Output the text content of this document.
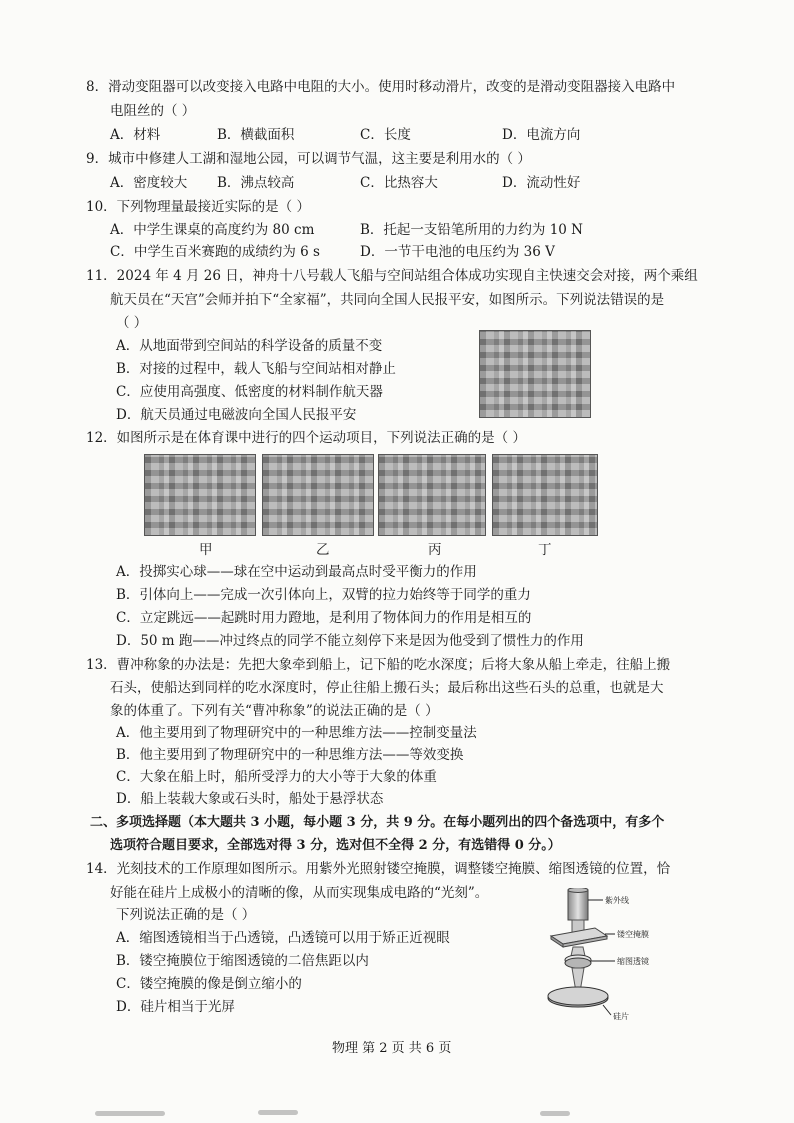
8．滑动变阻器可以改变接入电路中电阻的大小。使用时移动滑片，改变的是滑动变阻器接入电路中
电阻丝的（ ）
A．材料	B．横截面积	C．长度	D．电流方向
9．城市中修建人工湖和湿地公园，可以调节气温，这主要是利用水的（ ）
A．密度较大 B．沸点较高	C．比热容大	D．流动性好
10．下列物理量最接近实际的是（ ）
A．中学生课桌的高度约为 80 cm	B．托起一支铅笔所用的力约为 10 N
C．中学生百米赛跑的成绩约为 6 s	D．一节干电池的电压约为 36 V
11．2024 年 4 月 26 日，神舟十八号载人飞船与空间站组合体成功实现自主快速交会对接，两个乘组
航天员在“天宫”会师并拍下“全家福”，共同向全国人民报平安，如图所示。下列说法错误的是
（ ）
A．从地面带到空间站的科学设备的质量不变
B．对接的过程中，载人飞船与空间站相对静止
C．应使用高强度、低密度的材料制作航天器
D．航天员通过电磁波向全国人民报平安
12．如图所示是在体育课中进行的四个运动项目，下列说法正确的是（ ）
甲	乙	丙	丁
A．投掷实心球——球在空中运动到最高点时受平衡力的作用
B．引体向上——完成一次引体向上，双臂的拉力始终等于同学的重力
C．立定跳远——起跳时用力蹬地，是利用了物体间力的作用是相互的
D．50 m 跑——冲过终点的同学不能立刻停下来是因为他受到了惯性力的作用
13．曹冲称象的办法是：先把大象牵到船上，记下船的吃水深度；后将大象从船上牵走，往船上搬
石头，使船达到同样的吃水深度时，停止往船上搬石头；最后称出这些石头的总重，也就是大
象的体重了。下列有关“曹冲称象”的说法正确的是（ ）
A．他主要用到了物理研究中的一种思维方法——控制变量法
B．他主要用到了物理研究中的一种思维方法——等效变换
C．大象在船上时，船所受浮力的大小等于大象的体重
D．船上装载大象或石头时，船处于悬浮状态
二、多项选择题（本大题共 3 小题，每小题 3 分，共 9 分。在每小题列出的四个备选项中，有多个
选项符合题目要求，全部选对得 3 分，选对但不全得 2 分，有选错得 0 分。）
14．光刻技术的工作原理如图所示。用紫外光照射镂空掩膜，调整镂空掩膜、缩图透镜的位置，恰
好能在硅片上成极小的清晰的像，从而实现集成电路的“光刻”。
下列说法正确的是（ ）
A．缩图透镜相当于凸透镜，凸透镜可以用于矫正近视眼
B．镂空掩膜位于缩图透镜的二倍焦距以内
C．镂空掩膜的像是倒立缩小的
D．硅片相当于光屏
紫外线
镂空掩膜
缩图透镜
硅片
物理 第 2 页 共 6 页
